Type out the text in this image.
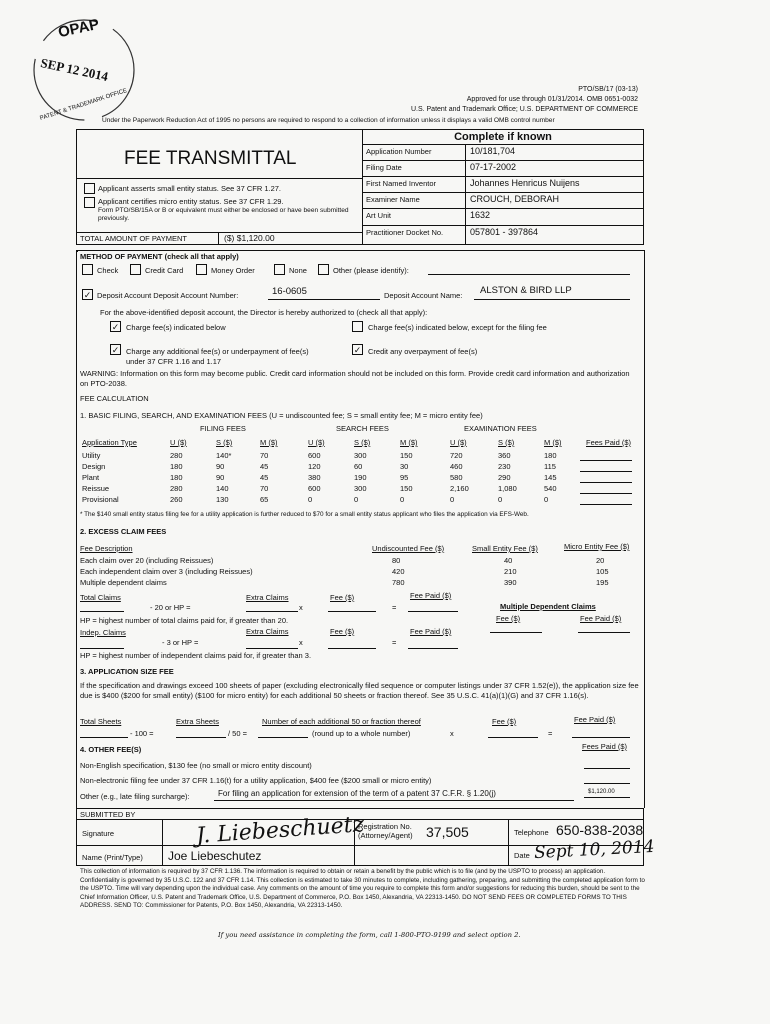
OPAP
SEP 12 2014
PATENT & TRADEMARK OFFICE	PTO/SB/17 (03-13)
Approved for use through 01/31/2014. OMB 0651-0032
U.S. Patent and Trademark Office; U.S. DEPARTMENT OF COMMERCE
Under the Paperwork Reduction Act of 1995 no persons are required to respond to a collection of information unless it displays a valid OMB control number
Complete if known
FEE TRANSMITTAL	Application Number	10/181,704
Filing Date	07-17-2002
First Named Inventor	Johannes Henricus Nuijens
Examiner Name	CROUCH, DEBORAH
Art Unit	1632
Practitioner Docket No.	057801 - 397864
Applicant asserts small entity status. See 37 CFR 1.27.
Applicant certifies micro entity status. See 37 CFR 1.29.
Form PTO/SB/15A or B or equivalent must either be enclosed or have been submitted previously.
TOTAL AMOUNT OF PAYMENT	($) $1,120.00
METHOD OF PAYMENT (check all that apply)
Check	Credit Card	Money Order	None	Other (please identify):
✓ Deposit Account Deposit Account Number:	16-0605	Deposit Account Name: ALSTON & BIRD LLP
For the above-identified deposit account, the Director is hereby authorized to (check all that apply):
✓ Charge fee(s) indicated below	Charge fee(s) indicated below, except for the filing fee
✓ Charge any additional fee(s) or underpayment of fee(s)
under 37 CFR 1.16 and 1.17
✓ Credit any overpayment of fee(s)
WARNING: Information on this form may become public. Credit card information should not be included on this form. Provide credit card information and authorization on PTO-2038.
FEE CALCULATION
1. BASIC FILING, SEARCH, AND EXAMINATION FEES (U = undiscounted fee; S = small entity fee; M = micro entity fee)
FILING FEES	SEARCH FEES	EXAMINATION FEES
Application Type	U ($)	S ($)	M ($)	U ($)	S ($)	M ($)	U ($)	S ($)	M ($)	Fees Paid ($)
Utility	280	140*	70	600	300	150	720	360	180
Design	180	90	45	120	60	30	460	230	115
Plant	180	90	45	380	190	95	580	290	145
Reissue	280	140	70	600	300	150	2,160	1,080	540
Provisional	260	130	65	0	0	0	0	0	0
* The $140 small entity status filing fee for a utility application is further reduced to $70 for a small entity status applicant who files the application via EFS-Web.
2. EXCESS CLAIM FEES
Fee Description	Undiscounted Fee ($)	Small Entity Fee ($)	Micro Entity Fee ($)
Each claim over 20 (including Reissues)	80	40	20
Each independent claim over 3 (including Reissues)	420	210	105
Multiple dependent claims	780	390	195
Total Claims	Extra Claims	Fee ($)	Fee Paid ($)
- 20 or HP =	x	=
HP = highest number of total claims paid for, if greater than 20.
Multiple Dependent Claims
Fee ($)	Fee Paid ($)
Indep. Claims	Extra Claims	Fee ($)	Fee Paid ($)
- 3 or HP =	x	=
HP = highest number of independent claims paid for, if greater than 3.
3. APPLICATION SIZE FEE
If the specification and drawings exceed 100 sheets of paper (excluding electronically filed sequence or computer listings under 37 CFR 1.52(e)), the application size fee due is $400 ($200 for small entity) ($100 for micro entity) for each additional 50 sheets or fraction thereof. See 35 U.S.C. 41(a)(1)(G) and 37 CFR 1.16(s).
Total Sheets	Extra Sheets	Number of each additional 50 or fraction thereof	Fee ($)	Fee Paid ($)
- 100 =	/ 50 =	(round up to a whole number)	x	=
4. OTHER FEE(S)	Fees Paid ($)
Non-English specification, $130 fee (no small or micro entity discount)
Non-electronic filing fee under 37 CFR 1.16(t) for a utility application, $400 fee ($200 small or micro entity)
Other (e.g., late filing surcharge):	For filing an application for extension of the term of a patent 37 C.F.R. § 1.20(j)	$1,120.00
SUBMITTED BY
Signature	J. Liebeschuetz
Registration No. (Attorney/Agent) 37,505	Telephone 650-838-2038
Name (Print/Type) Joe Liebeschutez	Date Sept 10, 2014
This collection of information is required by 37 CFR 1.136. The information is required to obtain or retain a benefit by the public which is to file (and by the USPTO to process) an application. Confidentiality is governed by 35 U.S.C. 122 and 37 CFR 1.14. This collection is estimated to take 30 minutes to complete, including gathering, preparing, and submitting the completed application form to the USPTO. Time will vary depending upon the individual case. Any comments on the amount of time you require to complete this form and/or suggestions for reducing this burden, should be sent to the Chief Information Officer, U.S. Patent and Trademark Office, U.S. Department of Commerce, P.O. Box 1450, Alexandria, VA 22313-1450. DO NOT SEND FEES OR COMPLETED FORMS TO THIS ADDRESS. SEND TO: Commissioner for Patents, P.O. Box 1450, Alexandria, VA 22313-1450.
If you need assistance in completing the form, call 1-800-PTO-9199 and select option 2.
